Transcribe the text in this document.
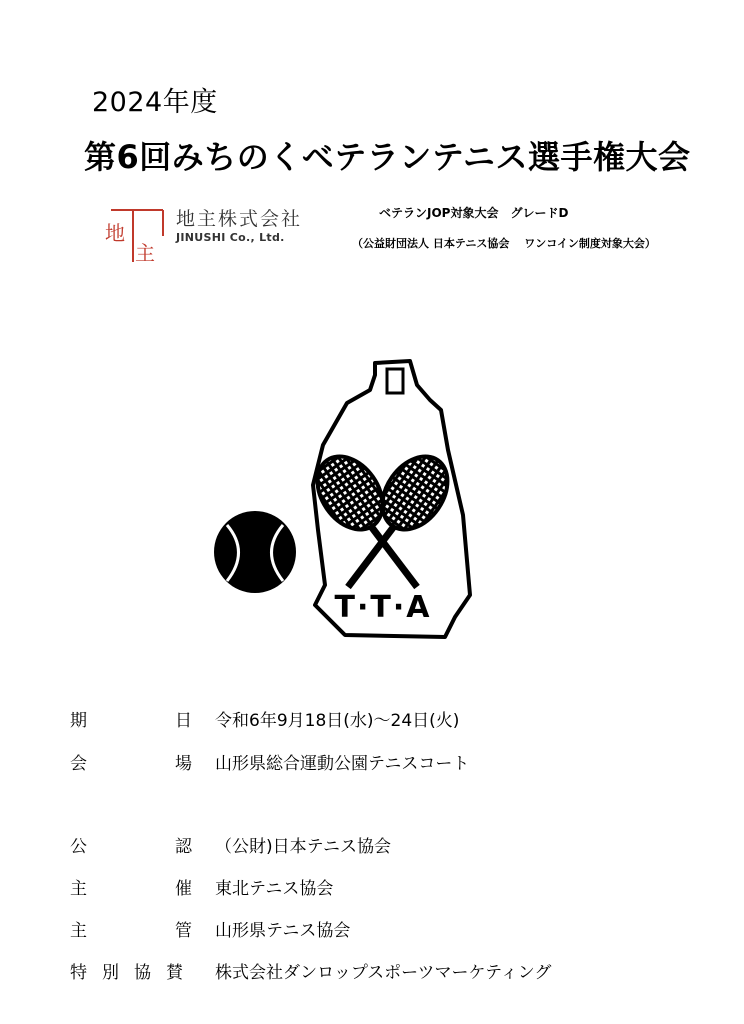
2024年度
第6回みちのくベテランテニス選手権大会
地
主
地主株式会社
JINUSHI Co., Ltd.
ベテランJOP対象大会　グレードD
（公益財団法人 日本テニス協会　 ワンコイン制度対象大会）
T·T·A
期	日 令和6年9月18日(水)～24日(火)
会	場 山形県総合運動公園テニスコート
公	認 （公財)日本テニス協会
主	催 東北テニス協会
主	管 山形県テニス協会
特別協賛 株式会社ダンロップスポーツマーケティング
